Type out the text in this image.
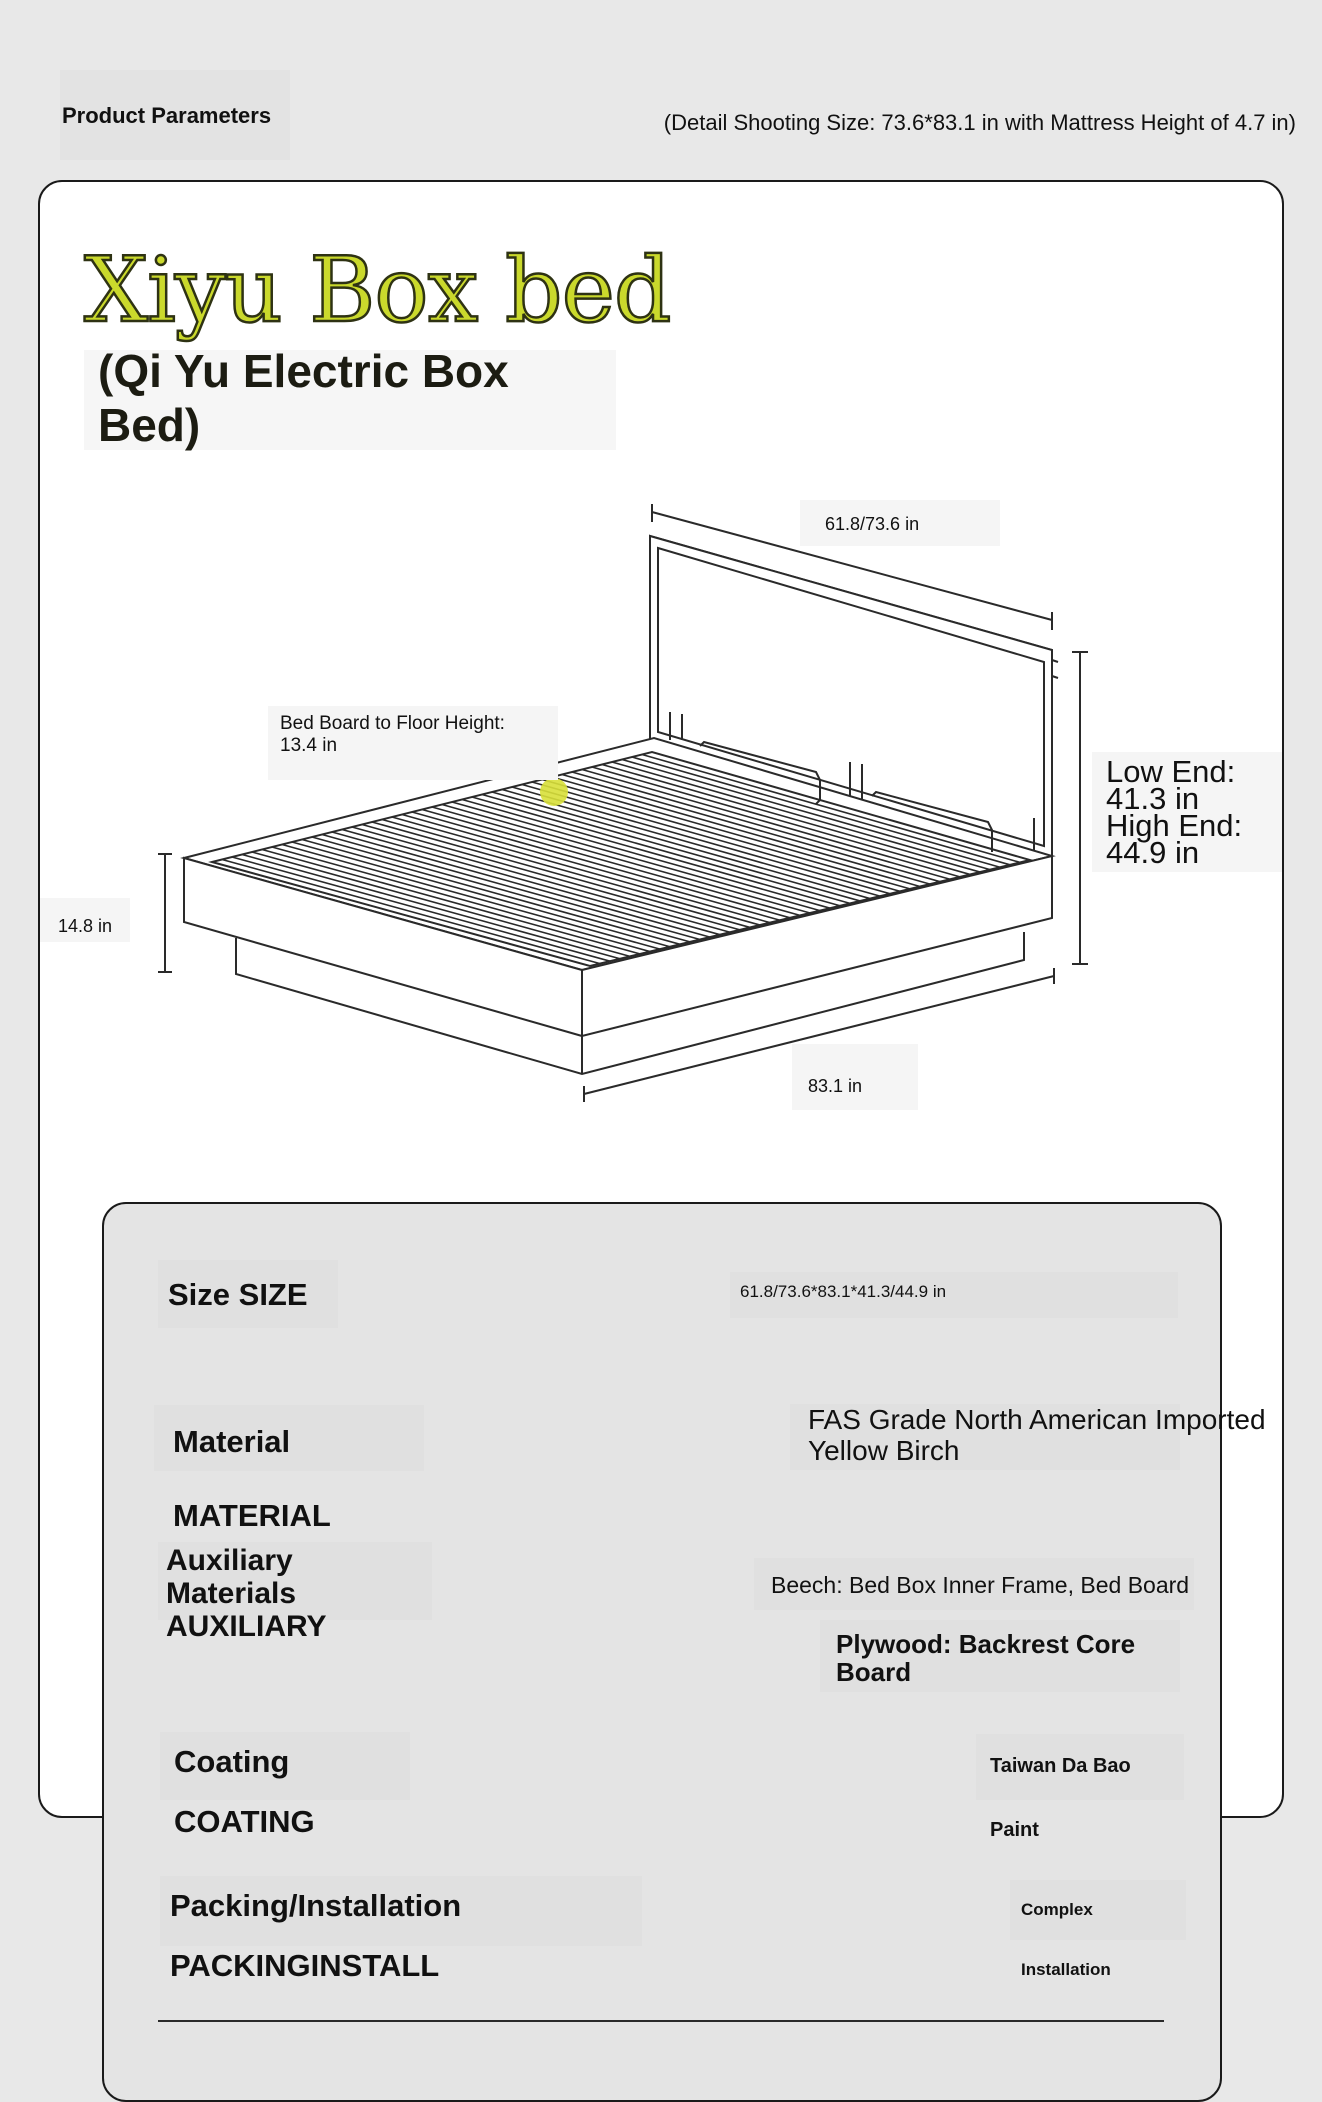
Product Parameters	(Detail Shooting Size: 73.6*83.1 in with Mattress Height of 4.7 in)
Xiyu Box bed
(Qi Yu Electric Box Bed)
61.8/73.6 in
83.1 in
14.8 in
Bed Board to Floor Height:
13.4 in
Low End:
41.3 in
High End:
44.9 in
Size SIZE	61.8/73.6*83.1*41.3/44.9 in
Material MATERIAL
FAS Grade North American Imported
Yellow Birch
Auxiliary Materials
AUXILIARY
Beech: Bed Box Inner Frame, Bed Board
Plywood: Backrest Core Board
Coating COATING
Taiwan Da Bao Paint
Packing/Installation PACKINGINSTALL
Complex Installation
